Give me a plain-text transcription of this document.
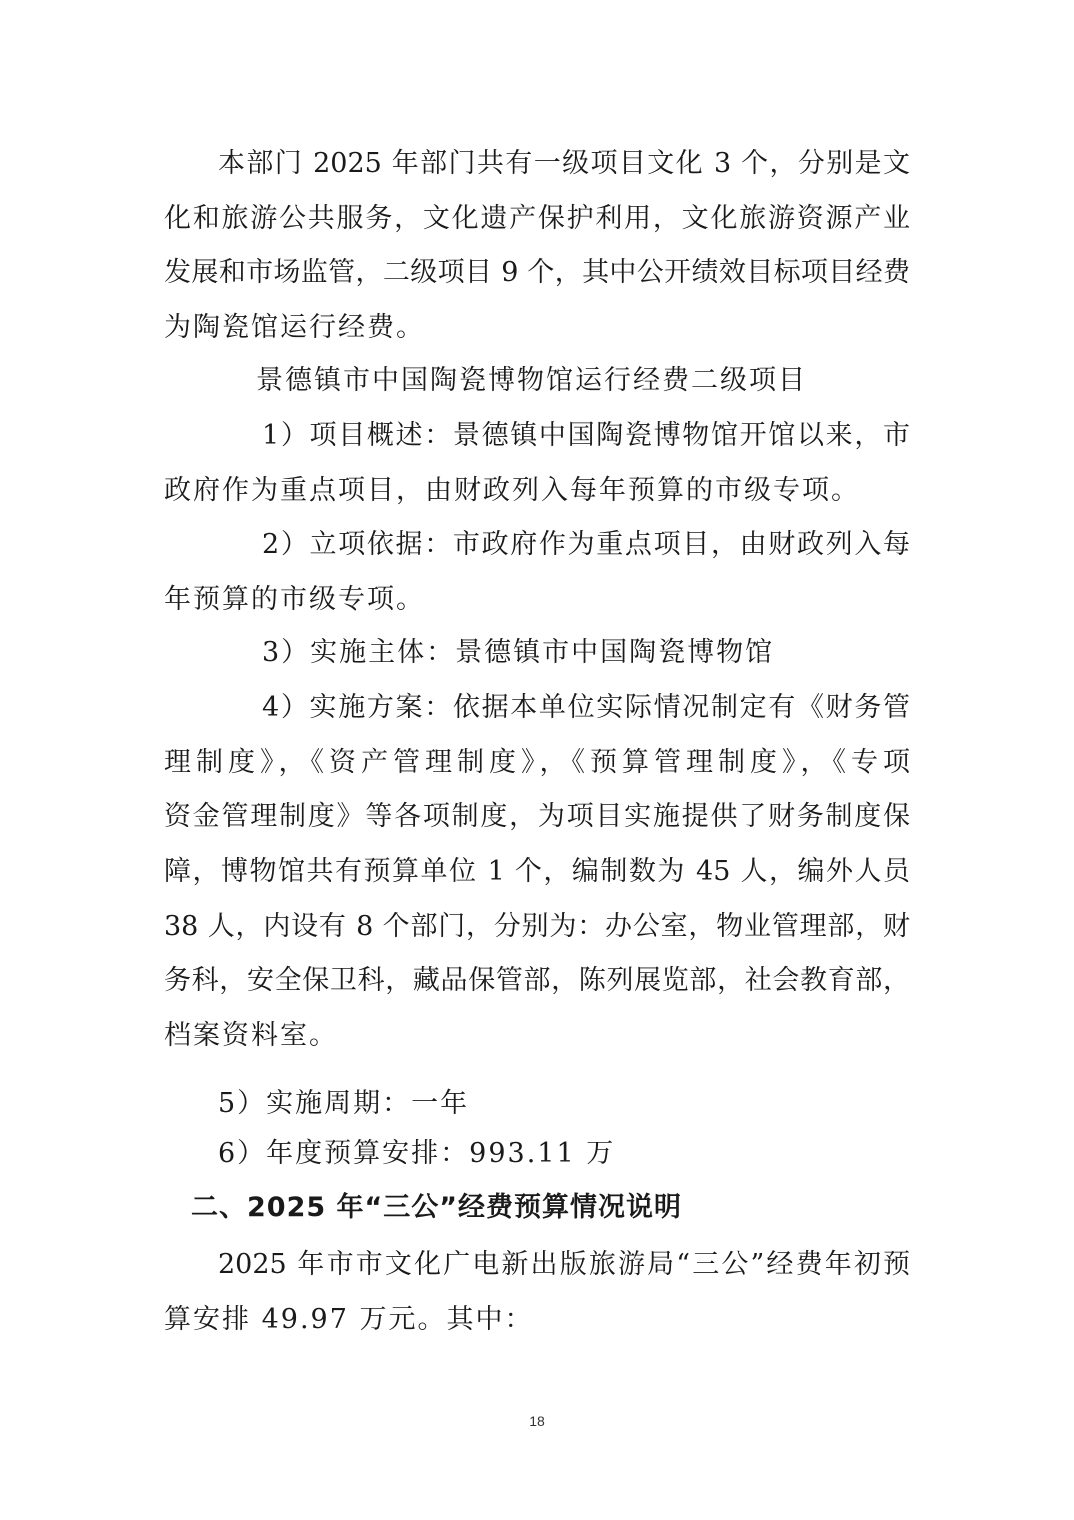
本部门 2025 年部门共有一级项目文化 3 个，分别是文
化和旅游公共服务，文化遗产保护利用，文化旅游资源产业
发展和市场监管，二级项目 9 个，其中公开绩效目标项目经费
为陶瓷馆运行经费。
景德镇市中国陶瓷博物馆运行经费二级项目
1）项目概述：景德镇中国陶瓷博物馆开馆以来，市
政府作为重点项目，由财政列入每年预算的市级专项。
2）立项依据：市政府作为重点项目，由财政列入每
年预算的市级专项。
3）实施主体：景德镇市中国陶瓷博物馆
4）实施方案：依据本单位实际情况制定有《财务管
理制度》，《资产管理制度》，《预算管理制度》，《专项
资金管理制度》等各项制度，为项目实施提供了财务制度保
障，博物馆共有预算单位 1 个，编制数为 45 人，编外人员
38 人，内设有 8 个部门，分别为：办公室，物业管理部，财
务科，安全保卫科，藏品保管部，陈列展览部，社会教育部，
档案资料室。
5）实施周期：一年
6）年度预算安排：993.11 万
二、2025 年“三公”经费预算情况说明
2025 年市市文化广电新出版旅游局“三公”经费年初预
算安排 49.97 万元。其中：
18
